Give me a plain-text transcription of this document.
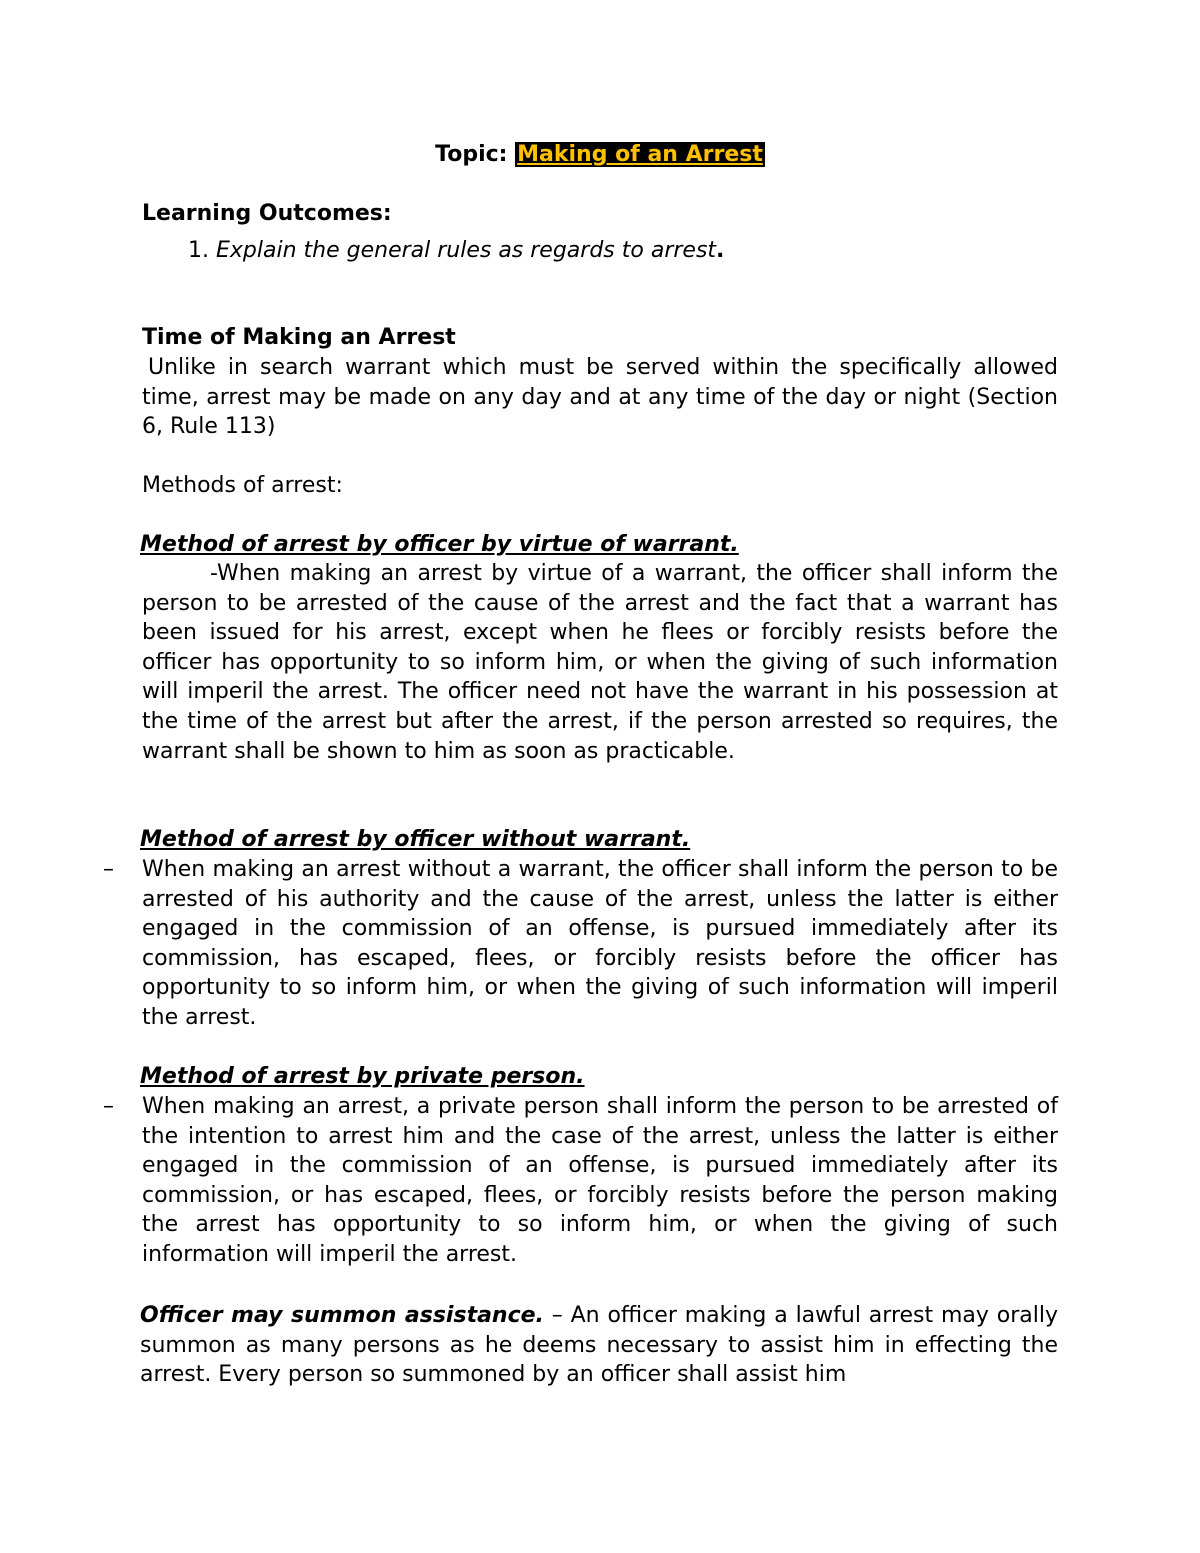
Topic: Making of an Arrest
Learning Outcomes:
1. Explain the general rules as regards to arrest.
Time of Making an Arrest
Unlike in search warrant which must be served within the specifically allowed time, arrest may be made on any day and at any time of the day or night (Section 6, Rule 113)
Methods of arrest:
Method of arrest by officer by virtue of warrant.
-When making an arrest by virtue of a warrant, the officer shall inform the person to be arrested of the cause of the arrest and the fact that a warrant has been issued for his arrest, except when he flees or forcibly resists before the officer has opportunity to so inform him, or when the giving of such information will imperil the arrest. The officer need not have the warrant in his possession at the time of the arrest but after the arrest, if the person arrested so requires, the warrant shall be shown to him as soon as practicable.
Method of arrest by officer without warrant.
– When making an arrest without a warrant, the officer shall inform the person to be arrested of his authority and the cause of the arrest, unless the latter is either engaged in the commission of an offense, is pursued immediately after its commission, has escaped, flees, or forcibly resists before the officer has opportunity to so inform him, or when the giving of such information will imperil the arrest.
Method of arrest by private person.
– When making an arrest, a private person shall inform the person to be arrested of the intention to arrest him and the case of the arrest, unless the latter is either engaged in the commission of an offense, is pursued immediately after its commission, or has escaped, flees, or forcibly resists before the person making the arrest has opportunity to so inform him, or when the giving of such information will imperil the arrest.
Officer may summon assistance. – An officer making a lawful arrest may orally summon as many persons as he deems necessary to assist him in effecting the arrest. Every person so summoned by an officer shall assist him
